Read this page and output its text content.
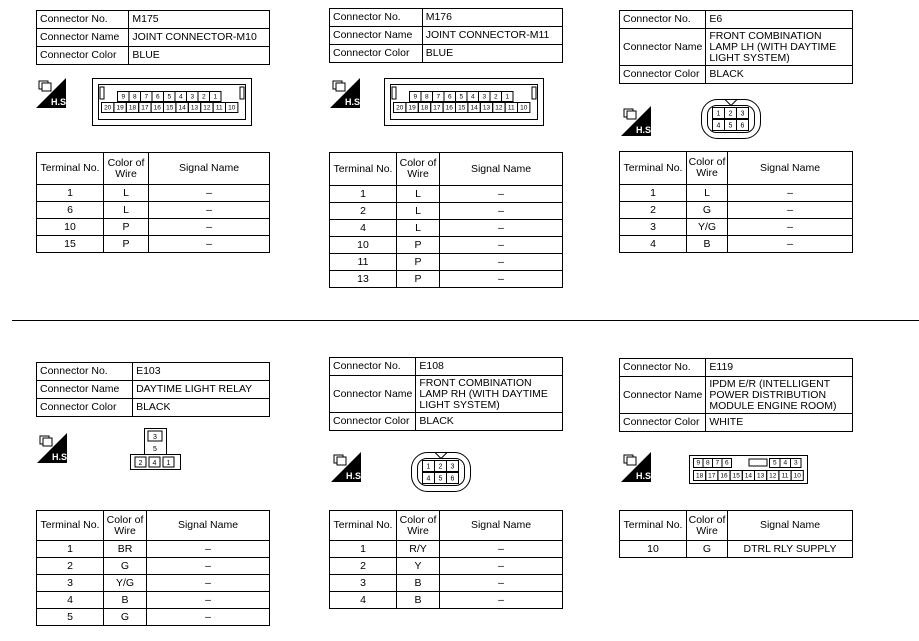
Connector No.	M175
Connector Name	JOINT CONNECTOR-M10
Connector Color	BLUE
H.S.	9 8 7 6 5 4 3 2 1
20 19 18 17 16 15 14 13 12 11 10
Terminal No.	Color of Wire	Signal Name
1	L	–
6	L	–
10	P	–
15	P	–
Connector No.	M176
Connector Name	JOINT CONNECTOR-M11
Connector Color	BLUE
H.S.	9 8 7 6 5 4 3 2 1
20 19 18 17 16 15 14 13 12 11 10
Terminal No.	Color of Wire	Signal Name
1	L	–
2	L	–
4	L	–
10	P	–
11	P	–
13	P	–
Connector No.	E6
Connector Name	FRONT COMBINATION LAMP LH (WITH DAYTIME LIGHT SYSTEM)
Connector Color	BLACK
H.S.
1 2 3
4 5 6
Terminal No.	Color of Wire	Signal Name
1	L	–
2	G	–
3	Y/G	–
4	B	–
Connector No.	E103
Connector Name	DAYTIME LIGHT RELAY
Connector Color	BLACK
H.S.
3
5
2 4 1
Terminal No.	Color of Wire	Signal Name
1	BR	–
2	G	–
3	Y/G	–
4	B	–
5	G	–
Connector No.	E108
Connector Name	FRONT COMBINATION LAMP RH (WITH DAYTIME LIGHT SYSTEM)
Connector Color	BLACK
H.S.
1 2 3
4 5 6
Terminal No.	Color of Wire	Signal Name
1	R/Y	–
2	Y	–
3	B	–
4	B	–
Connector No.	E119
Connector Name	IPDM E/R (INTELLIGENT POWER DISTRIBUTION MODULE ENGINE ROOM)
Connector Color	WHITE
H.S.
9 8 7 6	5 4 3
18 17 16 15 14 13 12 11 10
Terminal No.	Color of Wire	Signal Name
10	G	DTRL RLY SUPPLY
